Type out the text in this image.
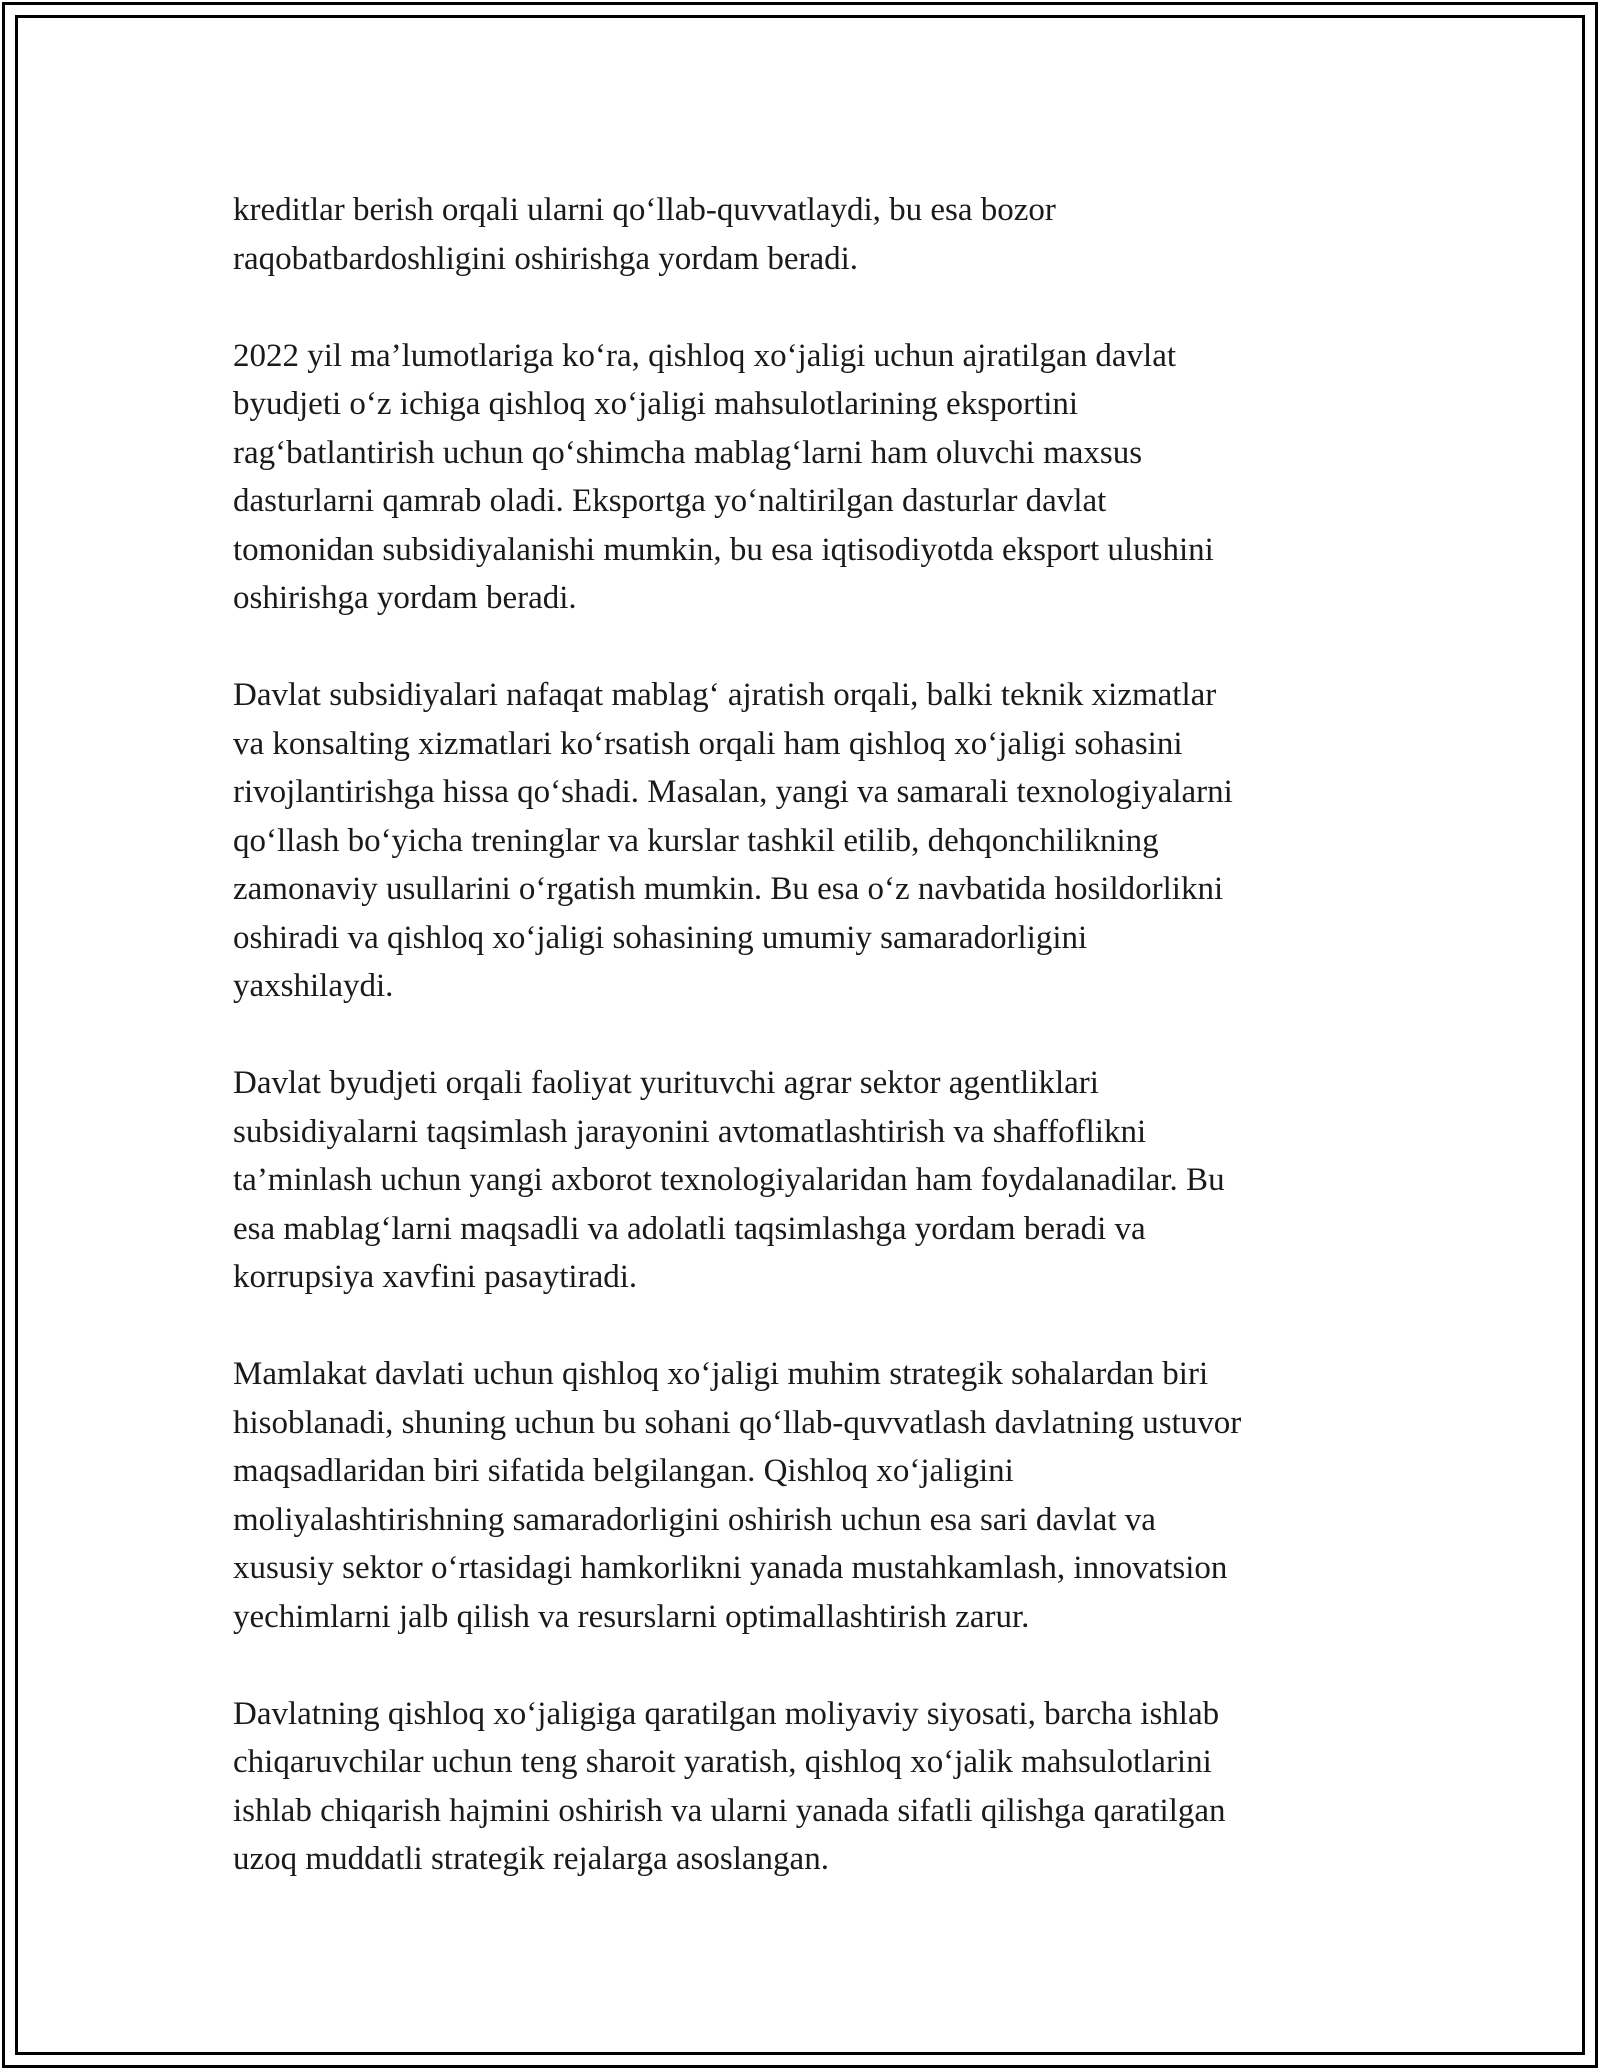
kreditlar berish orqali ularni qo‘llab-quvvatlaydi, bu esa bozor
raqobatbardoshligini oshirishga yordam beradi.

2022 yil ma’lumotlariga ko‘ra, qishloq xo‘jaligi uchun ajratilgan davlat
byudjeti o‘z ichiga qishloq xo‘jaligi mahsulotlarining eksportini
rag‘batlantirish uchun qo‘shimcha mablag‘larni ham oluvchi maxsus
dasturlarni qamrab oladi. Eksportga yo‘naltirilgan dasturlar davlat
tomonidan subsidiyalanishi mumkin, bu esa iqtisodiyotda eksport ulushini
oshirishga yordam beradi.

Davlat subsidiyalari nafaqat mablag‘ ajratish orqali, balki teknik xizmatlar
va konsalting xizmatlari ko‘rsatish orqali ham qishloq xo‘jaligi sohasini
rivojlantirishga hissa qo‘shadi. Masalan, yangi va samarali texnologiyalarni
qo‘llash bo‘yicha treninglar va kurslar tashkil etilib, dehqonchilikning
zamonaviy usullarini o‘rgatish mumkin. Bu esa o‘z navbatida hosildorlikni
oshiradi va qishloq xo‘jaligi sohasining umumiy samaradorligini
yaxshilaydi.

Davlat byudjeti orqali faoliyat yurituvchi agrar sektor agentliklari
subsidiyalarni taqsimlash jarayonini avtomatlashtirish va shaffoflikni
ta’minlash uchun yangi axborot texnologiyalaridan ham foydalanadilar. Bu
esa mablag‘larni maqsadli va adolatli taqsimlashga yordam beradi va
korrupsiya xavfini pasaytiradi.

Mamlakat davlati uchun qishloq xo‘jaligi muhim strategik sohalardan biri
hisoblanadi, shuning uchun bu sohani qo‘llab-quvvatlash davlatning ustuvor
maqsadlaridan biri sifatida belgilangan. Qishloq xo‘jaligini
moliyalashtirishning samaradorligini oshirish uchun esa sari davlat va
xususiy sektor o‘rtasidagi hamkorlikni yanada mustahkamlash, innovatsion
yechimlarni jalb qilish va resurslarni optimallashtirish zarur.

Davlatning qishloq xo‘jaligiga qaratilgan moliyaviy siyosati, barcha ishlab
chiqaruvchilar uchun teng sharoit yaratish, qishloq xo‘jalik mahsulotlarini
ishlab chiqarish hajmini oshirish va ularni yanada sifatli qilishga qaratilgan
uzoq muddatli strategik rejalarga asoslangan.
